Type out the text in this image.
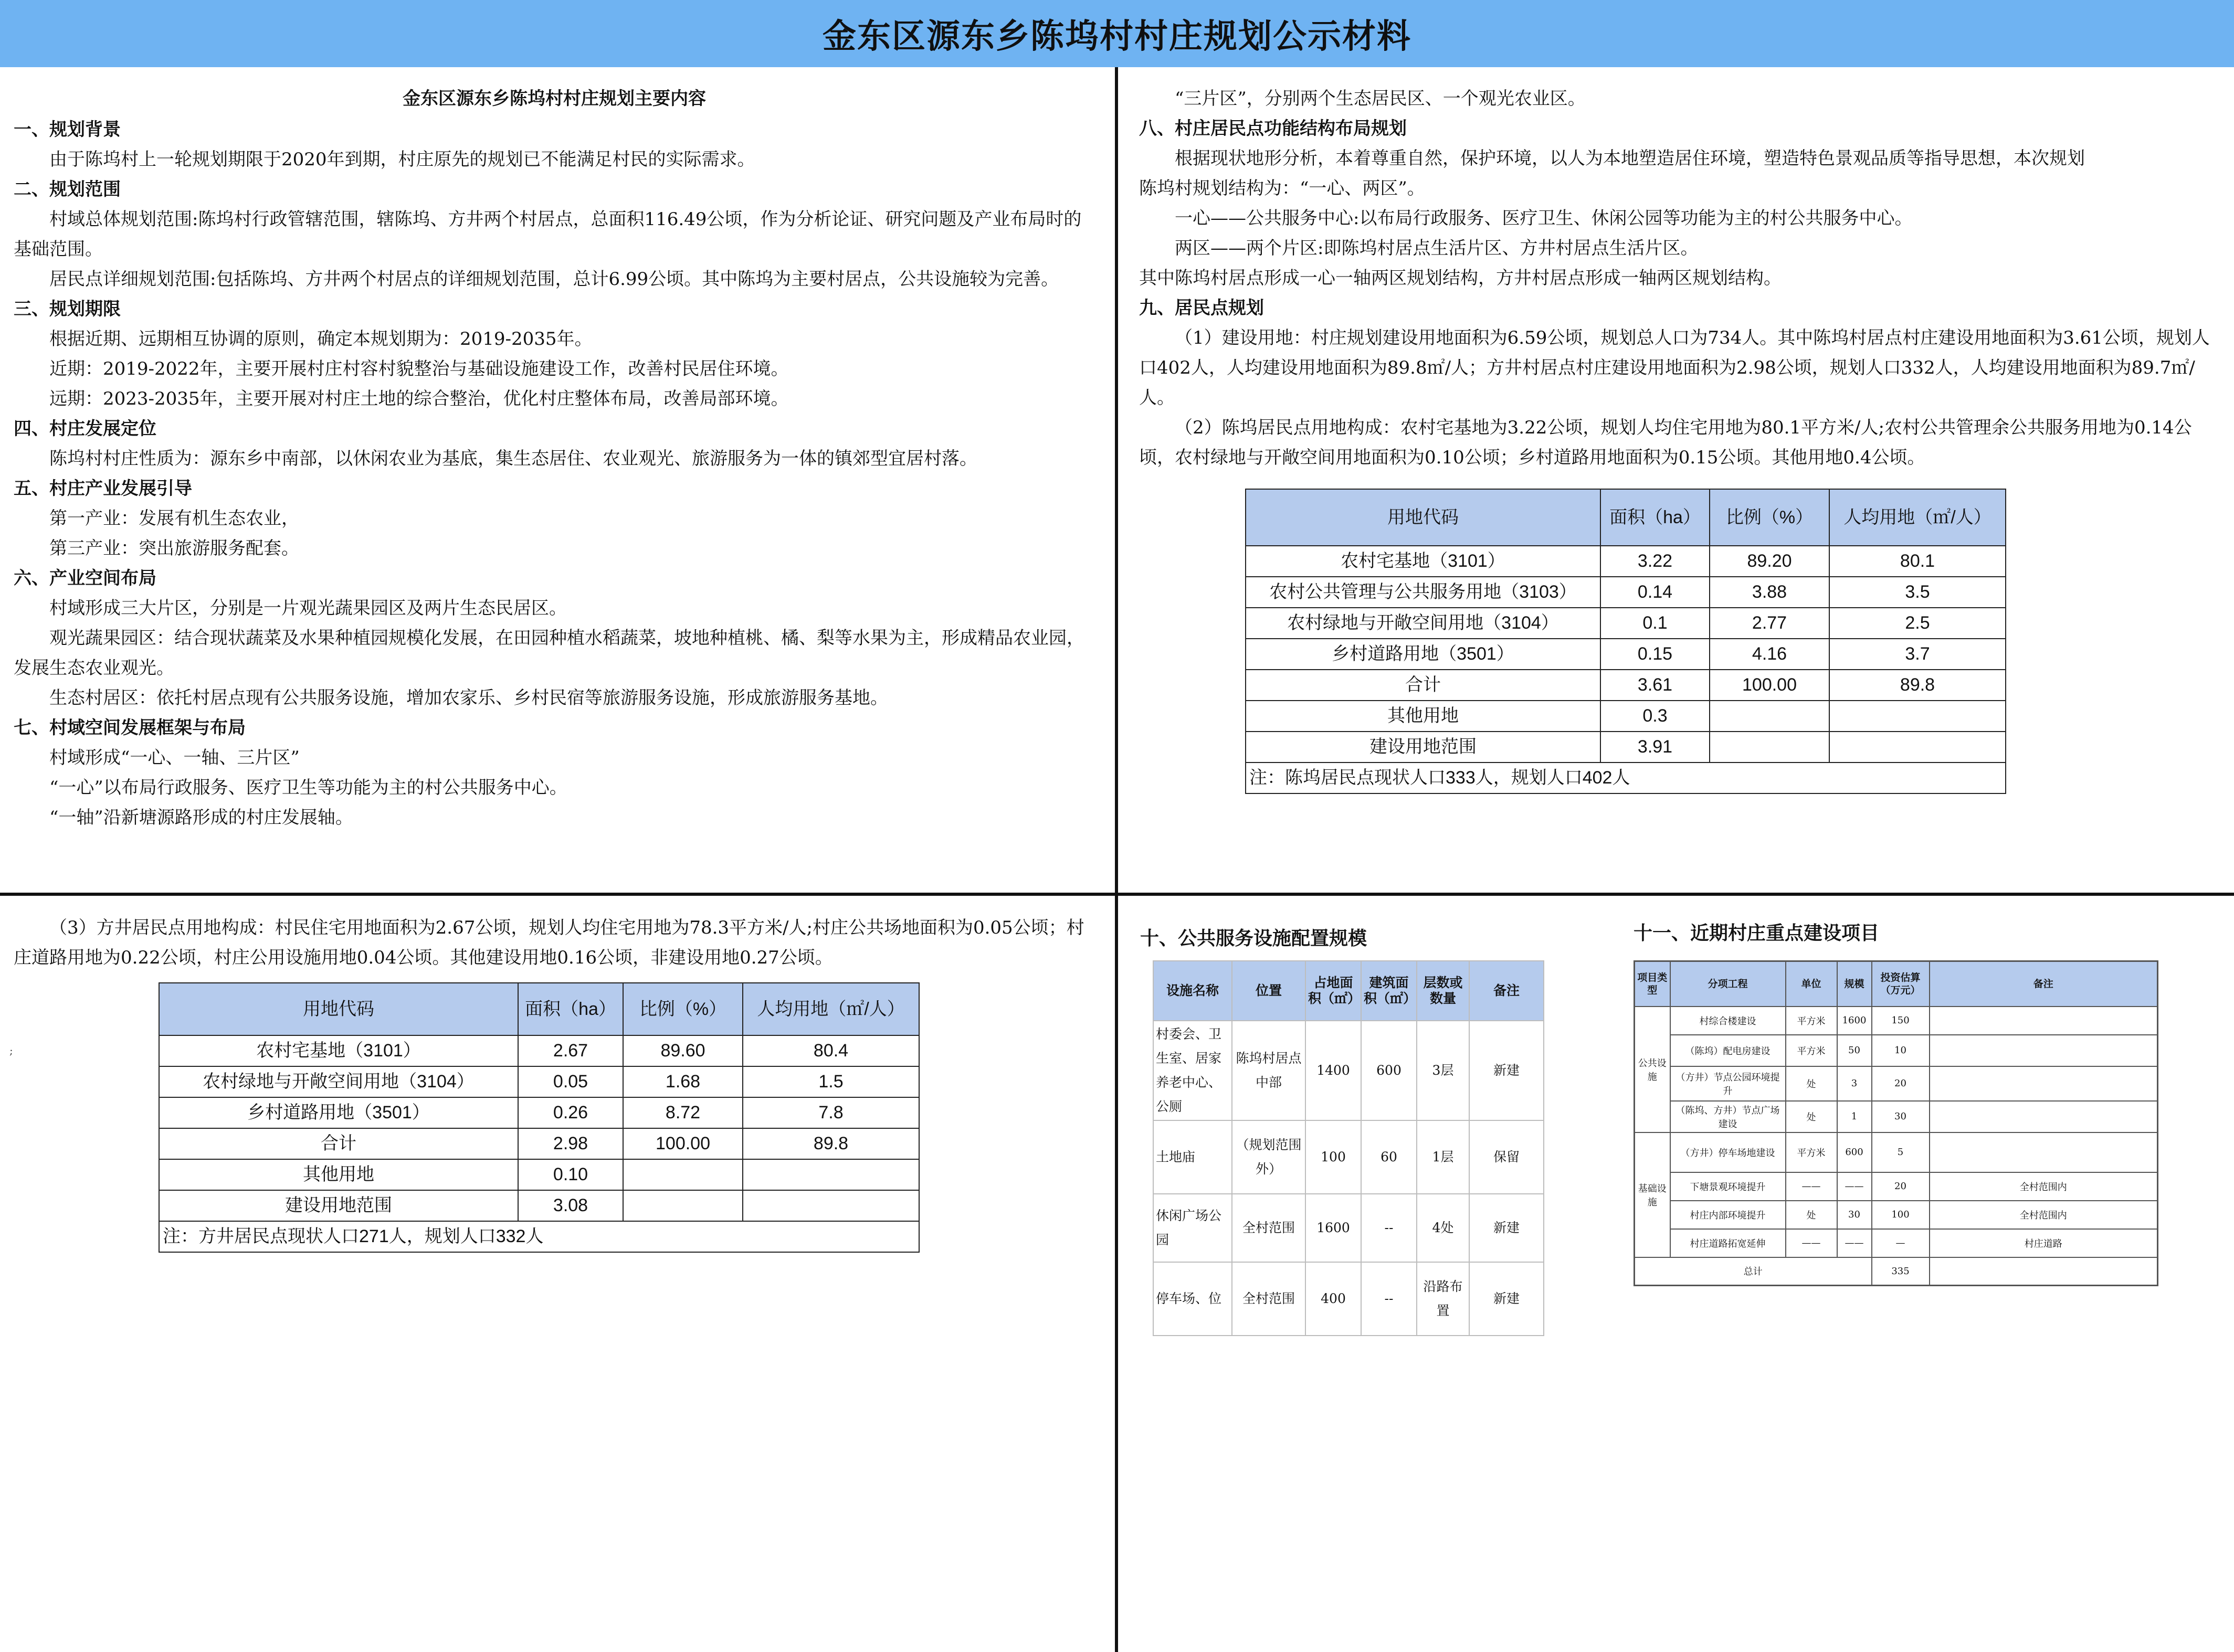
金东区源东乡陈坞村村庄规划公示材料
金东区源东乡陈坞村村庄规划主要内容
一、规划背景
由于陈坞村上一轮规划期限于2020年到期，村庄原先的规划已不能满足村民的实际需求。
二、规划范围
村域总体规划范围:陈坞村行政管辖范围，辖陈坞、方井两个村居点，总面积116.49公顷，作为分析论证、研究问题及产业布局时的基础范围。
居民点详细规划范围:包括陈坞、方井两个村居点的详细规划范围，总计6.99公顷。其中陈坞为主要村居点，公共设施较为完善。
三、规划期限
根据近期、远期相互协调的原则，确定本规划期为：2019-2035年。
近期：2019-2022年，主要开展村庄村容村貌整治与基础设施建设工作，改善村民居住环境。
远期：2023-2035年，主要开展对村庄土地的综合整治，优化村庄整体布局，改善局部环境。
四、村庄发展定位
陈坞村村庄性质为：源东乡中南部，以休闲农业为基底，集生态居住、农业观光、旅游服务为一体的镇郊型宜居村落。
五、村庄产业发展引导
第一产业：发展有机生态农业，
第三产业：突出旅游服务配套。
六、产业空间布局
村域形成三大片区，分别是一片观光蔬果园区及两片生态民居区。
观光蔬果园区：结合现状蔬菜及水果种植园规模化发展，在田园种植水稻蔬菜，坡地种植桃、橘、梨等水果为主，形成精品农业园，发展生态农业观光。
生态村居区：依托村居点现有公共服务设施，增加农家乐、乡村民宿等旅游服务设施，形成旅游服务基地。
七、村域空间发展框架与布局
村域形成“一心、一轴、三片区”
“一心”以布局行政服务、医疗卫生等功能为主的村公共服务中心。
“一轴”沿新塘源路形成的村庄发展轴。
“三片区”，分别两个生态居民区、一个观光农业区。
八、村庄居民点功能结构布局规划
根据现状地形分析，本着尊重自然，保护环境，以人为本地塑造居住环境，塑造特色景观品质等指导思想，本次规划
陈坞村规划结构为：“一心、两区”。
一心——公共服务中心:以布局行政服务、医疗卫生、休闲公园等功能为主的村公共服务中心。
两区——两个片区:即陈坞村居点生活片区、方井村居点生活片区。
其中陈坞村居点形成一心一轴两区规划结构，方井村居点形成一轴两区规划结构。
九、居民点规划
（1）建设用地：村庄规划建设用地面积为6.59公顷，规划总人口为734人。其中陈坞村居点村庄建设用地面积为3.61公顷，规划人口402人，人均建设用地面积为89.8㎡/人；方井村居点村庄建设用地面积为2.98公顷，规划人口332人，人均建设用地面积为89.7㎡/人。
（2）陈坞居民点用地构成：农村宅基地为3.22公顷，规划人均住宅用地为80.1平方米/人;农村公共管理余公共服务用地为0.14公顷，农村绿地与开敞空间用地面积为0.10公顷；乡村道路用地面积为0.15公顷。其他用地0.4公顷。
用地代码	面积（ha）	比例（%）	人均用地（㎡/人）
农村宅基地（3101）	3.22	89.20	80.1
农村公共管理与公共服务用地（3103）	0.14	3.88	3.5
农村绿地与开敞空间用地（3104）	0.1	2.77	2.5
乡村道路用地（3501）	0.15	4.16	3.7
合计	3.61	100.00	89.8
其他用地	0.3		
建设用地范围	3.91		
注：陈坞居民点现状人口333人，规划人口402人			
（3）方井居民点用地构成：村民住宅用地面积为2.67公顷，规划人均住宅用地为78.3平方米/人;村庄公共场地面积为0.05公顷；村庄道路用地为0.22公顷，村庄公用设施用地0.04公顷。其他建设用地0.16公顷，非建设用地0.27公顷。
用地代码	面积（ha）	比例（%）	人均用地（㎡/人）
农村宅基地（3101）	2.67	89.60	80.4
农村绿地与开敞空间用地（3104）	0.05	1.68	1.5
乡村道路用地（3501）	0.26	8.72	7.8
合计	2.98	100.00	89.8
其他用地	0.10		
建设用地范围	3.08		
注：方井居民点现状人口271人，规划人口332人			
;
十、公共服务设施配置规模
设施名称	位置	占地面积（㎡）	建筑面积（㎡）	层数或数量	备注
村委会、卫生室、居家养老中心、公厕	陈坞村居点中部	1400	600	3层	新建
土地庙	（规划范围外）	100	60	1层	保留
休闲广场公园	全村范围	1600	--	4处	新建
停车场、位	全村范围	400	--	沿路布置	新建
十一、近期村庄重点建设项目
项目类型	分项工程	单位	规模	投资估算（万元）	备注
公共设施	村综合楼建设	平方米	1600	150	
	（陈坞）配电房建设	平方米	50	10	
	（方井）节点公园环境提升	处	3	20	
	（陈坞、方井）节点广场建设	处	1	30	
基础设施	（方井）停车场地建设	平方米	600	5	
	下塘景观环境提升	——	——	20	全村范围内
	村庄内部环境提升	处	30	100	全村范围内
	村庄道路拓宽延伸	——	——	—	村庄道路
总计				335	
